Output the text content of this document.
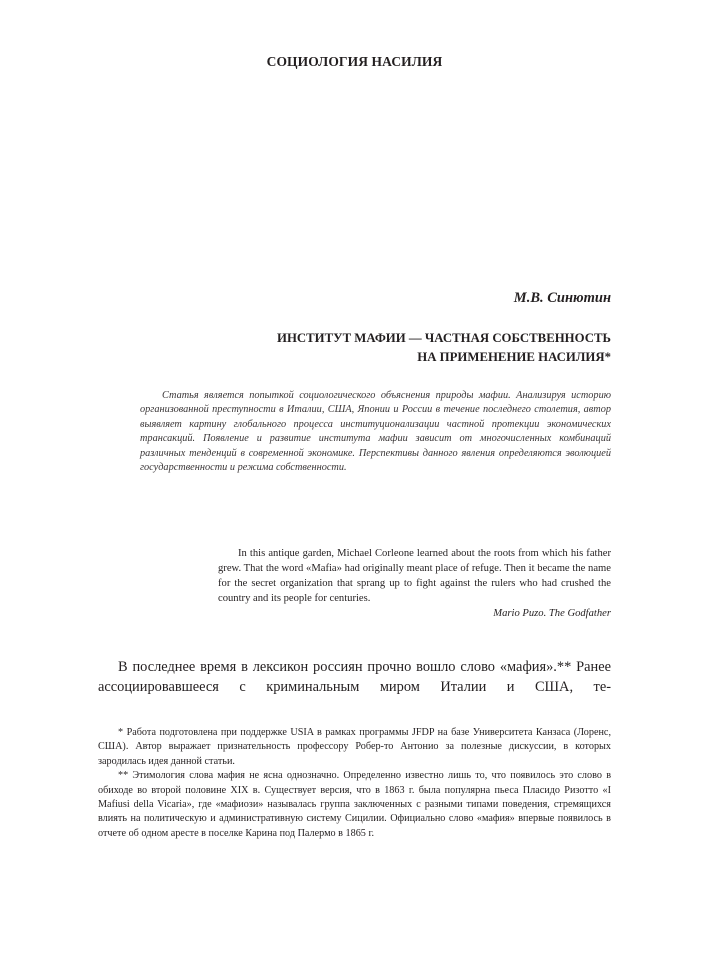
СОЦИОЛОГИЯ НАСИЛИЯ
М.В. Синютин
ИНСТИТУТ МАФИИ — ЧАСТНАЯ СОБСТВЕННОСТЬ
НА ПРИМЕНЕНИЕ НАСИЛИЯ*

Статья является попыткой социологического объяснения природы мафии. Анализируя историю организованной преступности в Италии, США, Японии и России в течение последнего столетия, автор выявляет картину глобального процесса институционализации частной протекции экономических трансакций. Появление и развитие института мафии зависит от многочисленных комбинаций различных тенденций в современной экономике. Перспективы данного явления определяются эволюцией государственности и режима собственности.

In this antique garden, Michael Corleone learned about the roots from which his father grew. That the word «Mafia» had originally meant place of refuge. Then it became the name for the secret organization that sprang up to fight against the rulers who had crushed the country and its people for centuries.

Mario Puzo. The Godfather

В последнее время в лексикон россиян прочно вошло слово «мафия».** Ранее ассоциировавшееся с криминальным миром Италии и США, те-

* Работа подготовлена при поддержке USIA в рамках программы JFDP на базе Университета Канзаса (Лоренс, США). Автор выражает признательность профессору Робер-то Антонио за полезные дискуссии, в которых зародилась идея данной статьи.

** Этимология слова мафия не ясна однозначно. Определенно известно лишь то, что появилось это слово в обиходе во второй половине XIX в. Существует версия, что в 1863 г. была популярна пьеса Пласидо Ризотто «I Mafiusi della Vicaria», где «мафиози» называлась группа заключенных с разными типами поведения, стремящихся влиять на политическую и административную систему Сицилии. Официально слово «мафия» впервые появилось в отчете об одном аресте в поселке Карина под Палермо в 1865 г.
